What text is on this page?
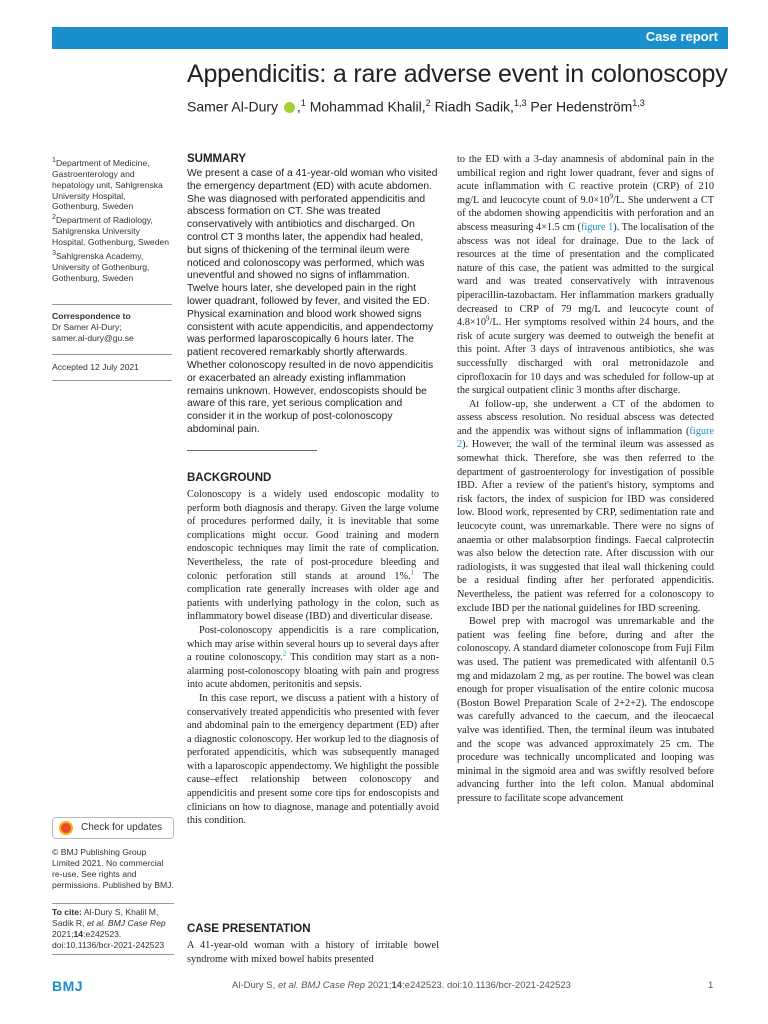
Case report
Appendicitis: a rare adverse event in colonoscopy
Samer Al-Dury ,$^1$ Mohammad Khalil,$^2$ Riadh Sadik,$^{1,3}$ Per Hedenström$^{1,3}$

$^1$Department of Medicine, Gastroenterology and hepatology unit, Sahlgrenska University Hospital, Gothenburg, Sweden

$^2$Department of Radiology, Sahlgrenska University Hospital, Gothenburg, Sweden

$^3$Sahlgrenska Academy, University of Gothenburg, Gothenburg, Sweden

Correspondence to

Dr Samer Al-Dury;

samer.al-dury@gu.se

Accepted 12 July 2021
SUMMARY
We present a case of a 41-year-old woman who visited the emergency department (ED) with acute abdomen. She was diagnosed with perforated appendicitis and abscess formation on CT. She was treated conservatively with antibiotics and discharged. On control CT 3 months later, the appendix had healed, but signs of thickening of the terminal ileum were noticed and colonoscopy was performed, which was uneventful and showed no signs of inflammation. Twelve hours later, she developed pain in the right lower quadrant, followed by fever, and visited the ED. Physical examination and blood work showed signs consistent with acute appendicitis, and appendectomy was performed laparoscopically 6 hours later. The patient recovered remarkably shortly afterwards. Whether colonoscopy resulted in de novo appendicitis or exacerbated an already existing inflammation remains unknown. However, endoscopists should be aware of this rare, yet serious complication and consider it in the workup of post-colonoscopy abdominal pain.
BACKGROUND

Colonoscopy is a widely used endoscopic modality to perform both diagnosis and therapy. Given the large volume of procedures performed daily, it is inevitable that some complications might occur. Good training and modern endoscopic techniques may limit the rate of complication. Nevertheless, the rate of post-procedure bleeding and colonic perforation still stands at around 1%.$^1$ The complication rate generally increases with older age and patients with underlying pathology in the colon, such as inflammatory bowel disease (IBD) and diverticular disease.

Post-colonoscopy appendicitis is a rare complication, which may arise within several hours up to several days after a routine colonoscopy.$^2$ This condition may start as a non-alarming post-colonoscopy bloating with pain and progress into acute abdomen, peritonitis and sepsis.

In this case report, we discuss a patient with a history of conservatively treated appendicitis who presented with fever and abdominal pain to the emergency department (ED) after a diagnostic colonoscopy. Her workup led to the diagnosis of perforated appendicitis, which was subsequently managed with a laparoscopic appendectomy. We highlight the possible cause–effect relationship between colonoscopy and appendicitis and present some core tips for endoscopists and clinicians on how to diagnose, manage and potentially avoid this condition.

CASE PRESENTATION

A 41-year-old woman with a history of irritable bowel syndrome with mixed bowel habits presented

to the ED with a 3-day anamnesis of abdominal pain in the umbilical region and right lower quadrant, fever and signs of acute inflammation with C reactive protein (CRP) of 210 mg/L and leucocyte count of $9.0\times 10^9/L$. She underwent a CT of the abdomen showing appendicitis with perforation and an abscess measuring 4×1.5 cm (figure 1). The localisation of the abscess was not ideal for drainage. Due to the lack of resources at the time of presentation and the complicated nature of this case, the patient was admitted to the surgical ward and was treated conservatively with intravenous piperacillin-tazobactam. Her inflammation markers gradually decreased to CRP of 79 mg/L and leucocyte count of $4.8\times 10^9/L$. Her symptoms resolved within 24 hours, and the risk of acute surgery was deemed to outweigh the benefit at this point. After 3 days of intravenous antibiotics, she was successfully discharged with oral metronidazole and ciprofloxacin for 10 days and was scheduled for follow-up at the surgical outpatient clinic 3 months after discharge.

At follow-up, she underwent a CT of the abdomen to assess abscess resolution. No residual abscess was detected and the appendix was without signs of inflammation (figure 2). However, the wall of the terminal ileum was assessed as somewhat thick. Therefore, she was then referred to the department of gastroenterology for investigation of possible IBD. After a review of the patient's history, symptoms and risk factors, the index of suspicion for IBD was considered low. Blood work, represented by CRP, sedimentation rate and leucocyte count, was unremarkable. There were no signs of anaemia or other malabsorption findings. Faecal calprotectin was also below the detection rate. After discussion with our radiologists, it was suggested that ileal wall thickening could be a residual finding after her perforated appendicitis. Nevertheless, the patient was referred for a colonoscopy to exclude IBD per the national guidelines for IBD screening.

Bowel prep with macrogol was unremarkable and the patient was feeling fine before, during and after the colonoscopy. A standard diameter colonoscope from Fuji Film was used. The patient was premedicated with alfentanil 0.5 mg and midazolam 2 mg, as per routine. The bowel was clean enough for proper visualisation of the entire colonic mucosa (Boston Bowel Preparation Scale of 2+2+2). The endoscope was carefully advanced to the caecum, and the ileocaecal valve was identified. Then, the terminal ileum was intubated and the scope was advanced approximately 25 cm. The procedure was technically uncomplicated and looping was minimal in the sigmoid area and was swiftly resolved before advancing further into the left colon. Manual abdominal pressure to facilitate scope advancement

Check for updates
© BMJ Publishing Group Limited 2021. No commercial re-use. See rights and permissions. Published by BMJ.
To cite: Al-Dury S, Khalil M, Sadik R, et al. BMJ Case Rep 2021;14:e242523. doi:10.1136/bcr-2021-242523
BMJ	Al-Dury S, et al. BMJ Case Rep 2021;14:e242523. doi:10.1136/bcr-2021-242523	1
